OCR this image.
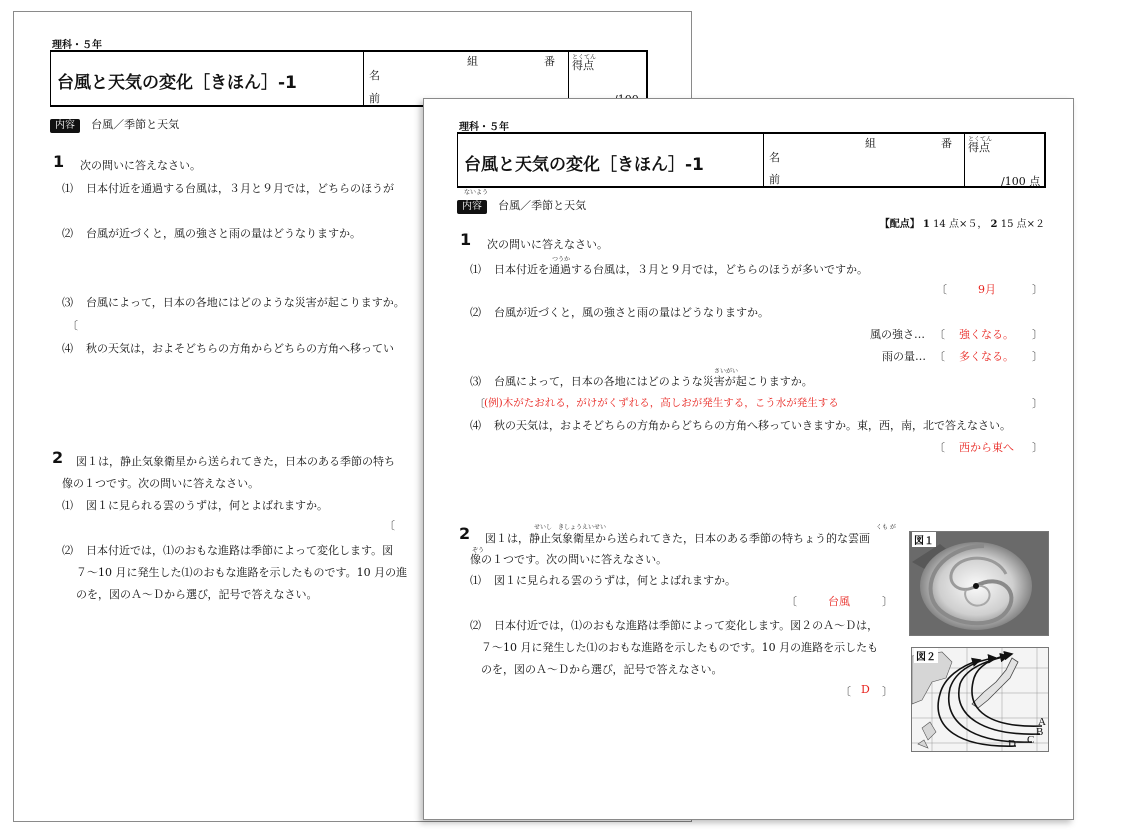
理科・５年
台風と天気の変化［きほん］-1
組	番
名
前
とくてん
得点
内容 台風／季節と天気
1 次の問いに答えなさい。
⑴ 日本付近を通過する台風は，３月と９月では，どちらのほうが
⑵ 台風が近づくと，風の強さと雨の量はどうなりますか。
⑶ 台風によって，日本の各地にはどのような災害が起こりますか。
〔
⑷ 秋の天気は，およそどちらの方角からどちらの方角へ移ってい
2 図１は，静止気象衛星から送られてきた，日本のある季節の特ち
像の１つです。次の問いに答えなさい。
⑴ 図１に見られる雲のうずは，何とよばれますか。
〔
⑵ 日本付近では，⑴のおもな進路は季節によって変化します。図
７～10 月に発生した⑴のおもな進路を示したものです。10 月の進
のを，図のＡ～Ｄから選び，記号で答えなさい。
理科・５年
台風と天気の変化［きほん］-1
組	番
名
前
とくてん
得点
/100 点
ないよう
内容 台風／季節と天気
【配点】 1 14 点×５， 2 15 点×２
1 次の問いに答えなさい。
⑴
つうか
日本付近を通過する台風は，３月と９月では，どちらのほうが多いですか。
〔	9月	〕
⑵ 台風が近づくと，風の強さと雨の量はどうなりますか。
風の強さ… 〔 強くなる。 〕
雨の量… 〔 多くなる。 〕
⑶
さいがい
台風によって，日本の各地にはどのような災害が起こりますか。
〔 (例)木がたおれる，がけがくずれる，高しおが発生する，こう水が発生する	〕
⑷ 秋の天気は，およそどちらの方角からどちらの方角へ移っていきますか。東，西，南，北で答えなさい。
〔 西から東へ 〕
2	せいし　きしょうえいせい	くも が
図１は，静止気象衛星から送られてきた，日本のある季節の特ちょう的な雲画
ぞう
像の１つです。次の問いに答えなさい。
⑴ 図１に見られる雲のうずは，何とよばれますか。
〔	台風	〕
⑵ 日本付近では，⑴のおもな進路は季節によって変化します。図２のＡ～Ｄは，
７～10 月に発生した⑴のおもな進路を示したものです。10 月の進路を示したも
のを，図のＡ～Ｄから選び，記号で答えなさい。
〔 D 〕
図１
A
B
C
D
図２
